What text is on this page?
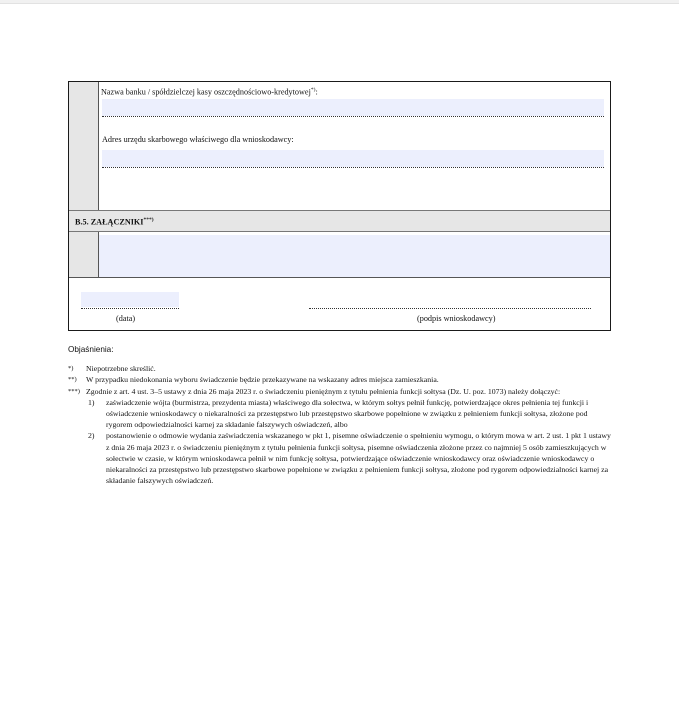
Nazwa banku / spółdzielczej kasy oszczędnościowo-kredytowej*):
Adres urzędu skarbowego właściwego dla wnioskodawcy:
B.5. ZAŁĄCZNIKI***)
(data)	(podpis wnioskodawcy)
Objaśnienia:
*) Niepotrzebne skreślić.
**) W przypadku niedokonania wyboru świadczenie będzie przekazywane na wskazany adres miejsca zamieszkania.
***) Zgodnie z art. 4 ust. 3–5 ustawy z dnia 26 maja 2023 r. o świadczeniu pieniężnym z tytułu pełnienia funkcji sołtysa (Dz. U. poz. 1073) należy dołączyć:
1) zaświadczenie wójta (burmistrza, prezydenta miasta) właściwego dla sołectwa, w którym sołtys pełnił funkcję, potwierdzające okres pełnienia tej funkcji i oświadczenie wnioskodawcy o niekaralności za przestępstwo lub przestępstwo skarbowe popełnione w związku z pełnieniem funkcji sołtysa, złożone pod rygorem odpowiedzialności karnej za składanie fałszywych oświadczeń, albo
2) postanowienie o odmowie wydania zaświadczenia wskazanego w pkt 1, pisemne oświadczenie o spełnieniu wymogu, o którym mowa w art. 2 ust. 1 pkt 1 ustawy z dnia 26 maja 2023 r. o świadczeniu pieniężnym z tytułu pełnienia funkcji sołtysa, pisemne oświadczenia złożone przez co najmniej 5 osób zamieszkujących w sołectwie w czasie, w którym wnioskodawca pełnił w nim funkcję sołtysa, potwierdzające oświadczenie wnioskodawcy oraz oświadczenie wnioskodawcy o niekaralności za przestępstwo lub przestępstwo skarbowe popełnione w związku z pełnieniem funkcji sołtysa, złożone pod rygorem odpowiedzialności karnej za składanie fałszywych oświadczeń.
